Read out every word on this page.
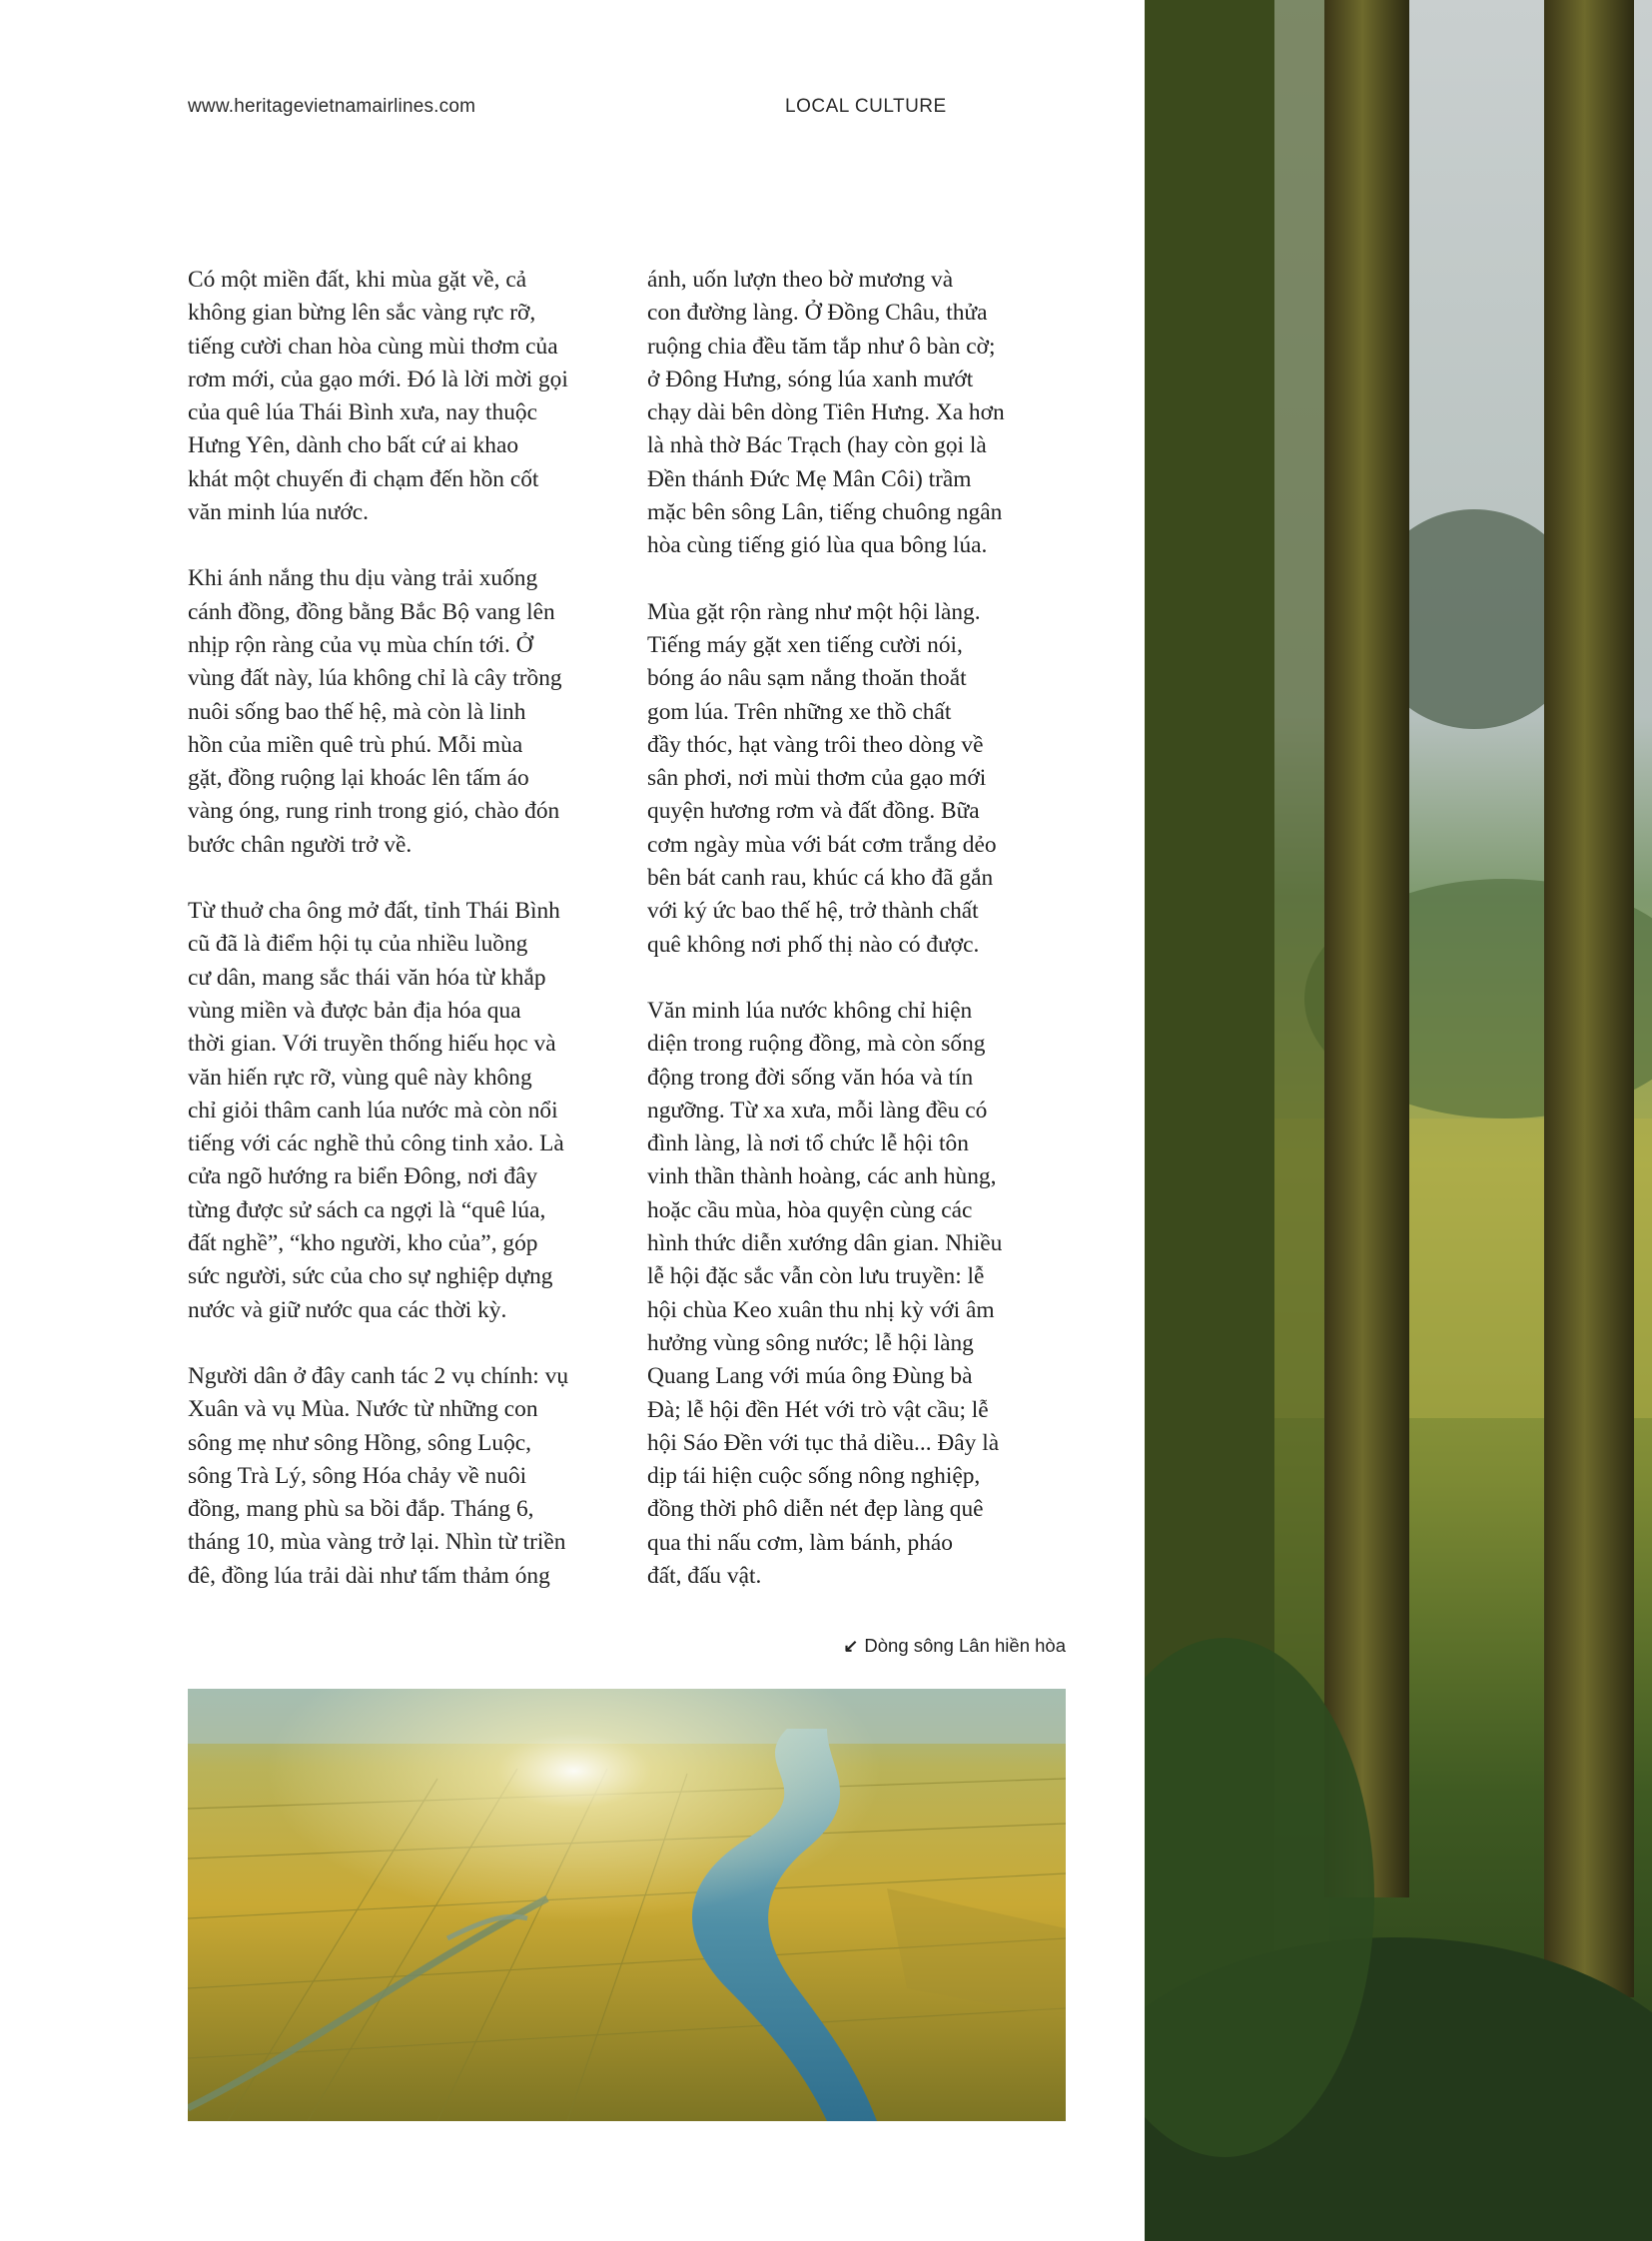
www.heritagevietnamairlines.com	LOCAL CULTURE

Có một miền đất, khi mùa gặt về, cả
không gian bừng lên sắc vàng rực rỡ,
tiếng cười chan hòa cùng mùi thơm của
rơm mới, của gạo mới. Đó là lời mời gọi
của quê lúa Thái Bình xưa, nay thuộc
Hưng Yên, dành cho bất cứ ai khao
khát một chuyến đi chạm đến hồn cốt
văn minh lúa nước.

Khi ánh nắng thu dịu vàng trải xuống
cánh đồng, đồng bằng Bắc Bộ vang lên
nhịp rộn ràng của vụ mùa chín tới. Ở
vùng đất này, lúa không chỉ là cây trồng
nuôi sống bao thế hệ, mà còn là linh
hồn của miền quê trù phú. Mỗi mùa
gặt, đồng ruộng lại khoác lên tấm áo
vàng óng, rung rinh trong gió, chào đón
bước chân người trở về.

Từ thuở cha ông mở đất, tỉnh Thái Bình
cũ đã là điểm hội tụ của nhiều luồng
cư dân, mang sắc thái văn hóa từ khắp
vùng miền và được bản địa hóa qua
thời gian. Với truyền thống hiếu học và
văn hiến rực rỡ, vùng quê này không
chỉ giỏi thâm canh lúa nước mà còn nổi
tiếng với các nghề thủ công tinh xảo. Là
cửa ngõ hướng ra biển Đông, nơi đây
từng được sử sách ca ngợi là “quê lúa,
đất nghề”, “kho người, kho của”, góp
sức người, sức của cho sự nghiệp dựng
nước và giữ nước qua các thời kỳ.

Người dân ở đây canh tác 2 vụ chính: vụ
Xuân và vụ Mùa. Nước từ những con
sông mẹ như sông Hồng, sông Luộc,
sông Trà Lý, sông Hóa chảy về nuôi
đồng, mang phù sa bồi đắp. Tháng 6,
tháng 10, mùa vàng trở lại. Nhìn từ triền
đê, đồng lúa trải dài như tấm thảm óng

ánh, uốn lượn theo bờ mương và
con đường làng. Ở Đồng Châu, thửa
ruộng chia đều tăm tắp như ô bàn cờ;
ở Đông Hưng, sóng lúa xanh mướt
chạy dài bên dòng Tiên Hưng. Xa hơn
là nhà thờ Bác Trạch (hay còn gọi là
Đền thánh Đức Mẹ Mân Côi) trầm
mặc bên sông Lân, tiếng chuông ngân
hòa cùng tiếng gió lùa qua bông lúa.

Mùa gặt rộn ràng như một hội làng.
Tiếng máy gặt xen tiếng cười nói,
bóng áo nâu sạm nắng thoăn thoắt
gom lúa. Trên những xe thồ chất
đầy thóc, hạt vàng trôi theo dòng về
sân phơi, nơi mùi thơm của gạo mới
quyện hương rơm và đất đồng. Bữa
cơm ngày mùa với bát cơm trắng dẻo
bên bát canh rau, khúc cá kho đã gắn
với ký ức bao thế hệ, trở thành chất
quê không nơi phố thị nào có được.

Văn minh lúa nước không chỉ hiện
diện trong ruộng đồng, mà còn sống
động trong đời sống văn hóa và tín
ngưỡng. Từ xa xưa, mỗi làng đều có
đình làng, là nơi tổ chức lễ hội tôn
vinh thần thành hoàng, các anh hùng,
hoặc cầu mùa, hòa quyện cùng các
hình thức diễn xướng dân gian. Nhiều
lễ hội đặc sắc vẫn còn lưu truyền: lễ
hội chùa Keo xuân thu nhị kỳ với âm
hưởng vùng sông nước; lễ hội làng
Quang Lang với múa ông Đùng bà
Đà; lễ hội đền Hét với trò vật cầu; lễ
hội Sáo Đền với tục thả diều... Đây là
dịp tái hiện cuộc sống nông nghiệp,
đồng thời phô diễn nét đẹp làng quê
qua thi nấu cơm, làm bánh, pháo
đất, đấu vật.

↙ Dòng sông Lân hiền hòa
